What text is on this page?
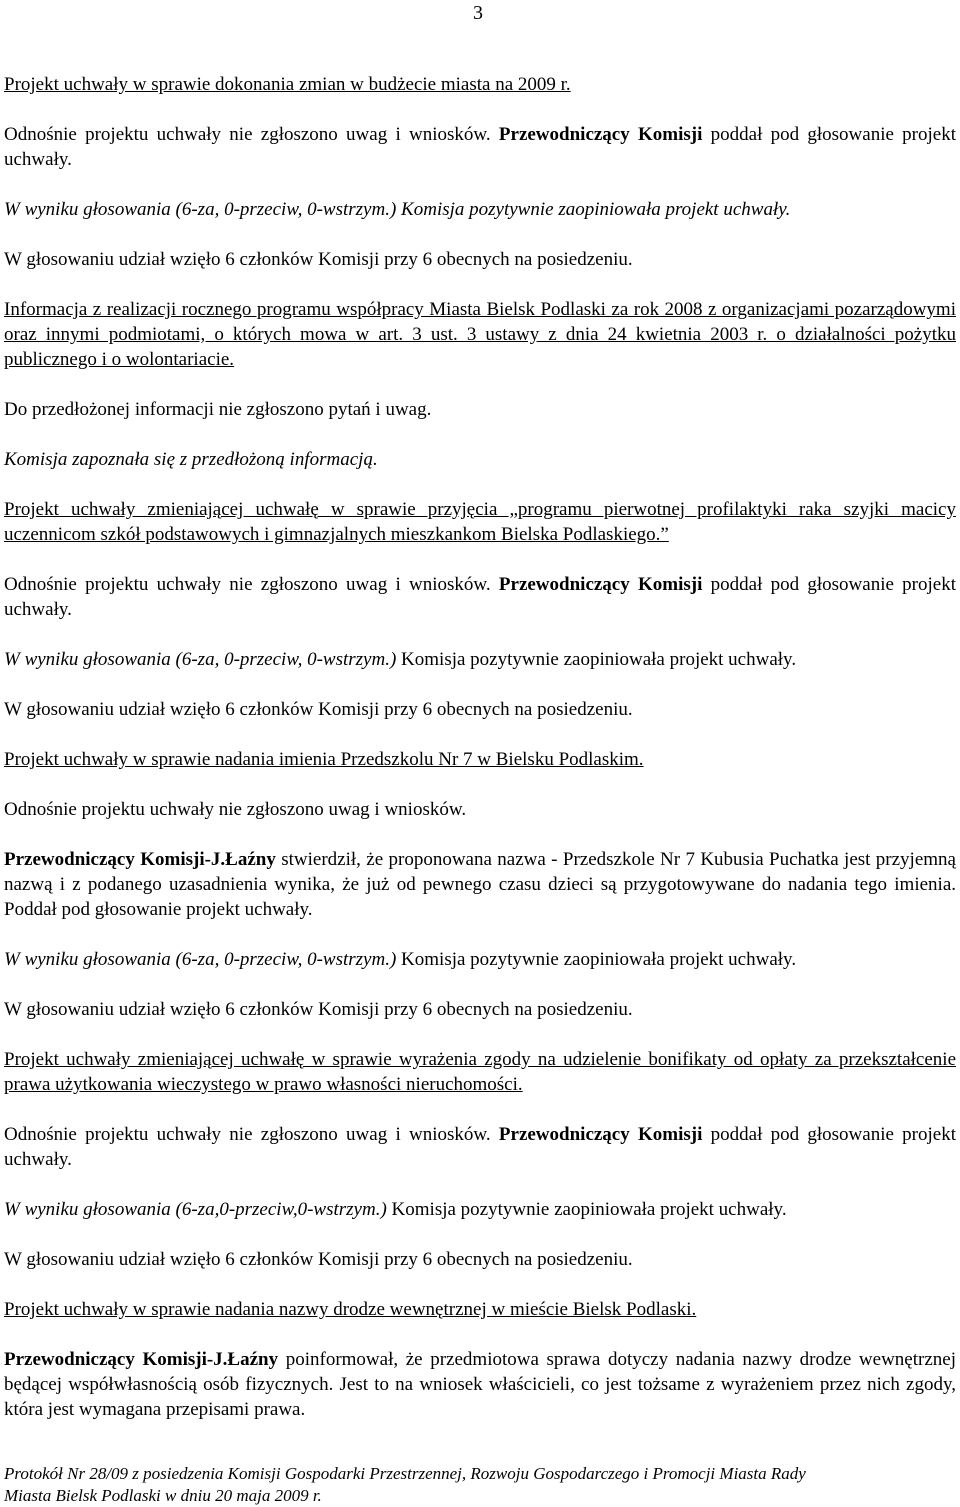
3

Projekt uchwały w sprawie dokonania zmian w budżecie miasta na 2009 r.

Odnośnie projektu uchwały nie zgłoszono uwag i wniosków. Przewodniczący Komisji poddał pod głosowanie projekt uchwały.

W wyniku głosowania (6-za, 0-przeciw, 0-wstrzym.) Komisja pozytywnie zaopiniowała projekt uchwały.

W głosowaniu udział wzięło 6 członków Komisji przy 6 obecnych na posiedzeniu.

Informacja z realizacji rocznego programu współpracy Miasta Bielsk Podlaski za rok 2008 z organizacjami pozarządowymi oraz innymi podmiotami, o których mowa w art. 3 ust. 3 ustawy z dnia 24 kwietnia 2003 r. o działalności pożytku publicznego i o wolontariacie.

Do przedłożonej informacji nie zgłoszono pytań i uwag.

Komisja zapoznała się z przedłożoną informacją.

Projekt uchwały zmieniającej uchwałę w sprawie przyjęcia „programu pierwotnej profilaktyki raka szyjki macicy uczennicom szkół podstawowych i gimnazjalnych mieszkankom Bielska Podlaskiego.”

Odnośnie projektu uchwały nie zgłoszono uwag i wniosków. Przewodniczący Komisji poddał pod głosowanie projekt uchwały.

W wyniku głosowania (6-za, 0-przeciw, 0-wstrzym.) Komisja pozytywnie zaopiniowała projekt uchwały.

W głosowaniu udział wzięło 6 członków Komisji przy 6 obecnych na posiedzeniu.

Projekt uchwały w sprawie nadania imienia Przedszkolu Nr 7 w Bielsku Podlaskim.

Odnośnie projektu uchwały nie zgłoszono uwag i wniosków.

Przewodniczący Komisji-J.Łaźny stwierdził, że proponowana nazwa - Przedszkole Nr 7 Kubusia Puchatka jest przyjemną nazwą i z podanego uzasadnienia wynika, że już od pewnego czasu dzieci są przygotowywane do nadania tego imienia. Poddał pod głosowanie projekt uchwały.

W wyniku głosowania (6-za, 0-przeciw, 0-wstrzym.) Komisja pozytywnie zaopiniowała projekt uchwały.

W głosowaniu udział wzięło 6 członków Komisji przy 6 obecnych na posiedzeniu.

Projekt uchwały zmieniającej uchwałę w sprawie wyrażenia zgody na udzielenie bonifikaty od opłaty za przekształcenie prawa użytkowania wieczystego w prawo własności nieruchomości.

Odnośnie projektu uchwały nie zgłoszono uwag i wniosków. Przewodniczący Komisji poddał pod głosowanie projekt uchwały.

W wyniku głosowania (6-za,0-przeciw,0-wstrzym.) Komisja pozytywnie zaopiniowała projekt uchwały.

W głosowaniu udział wzięło 6 członków Komisji przy 6 obecnych na posiedzeniu.

Projekt uchwały w sprawie nadania nazwy drodze wewnętrznej w mieście Bielsk Podlaski.

Przewodniczący Komisji-J.Łaźny poinformował, że przedmiotowa sprawa dotyczy nadania nazwy drodze wewnętrznej będącej współwłasnością osób fizycznych. Jest to na wniosek właścicieli, co jest tożsame z wyrażeniem przez nich zgody, która jest wymagana przepisami prawa.

Protokół Nr 28/09 z posiedzenia Komisji Gospodarki Przestrzennej, Rozwoju Gospodarczego i Promocji Miasta Rady
Miasta Bielsk Podlaski w dniu 20 maja 2009 r.
